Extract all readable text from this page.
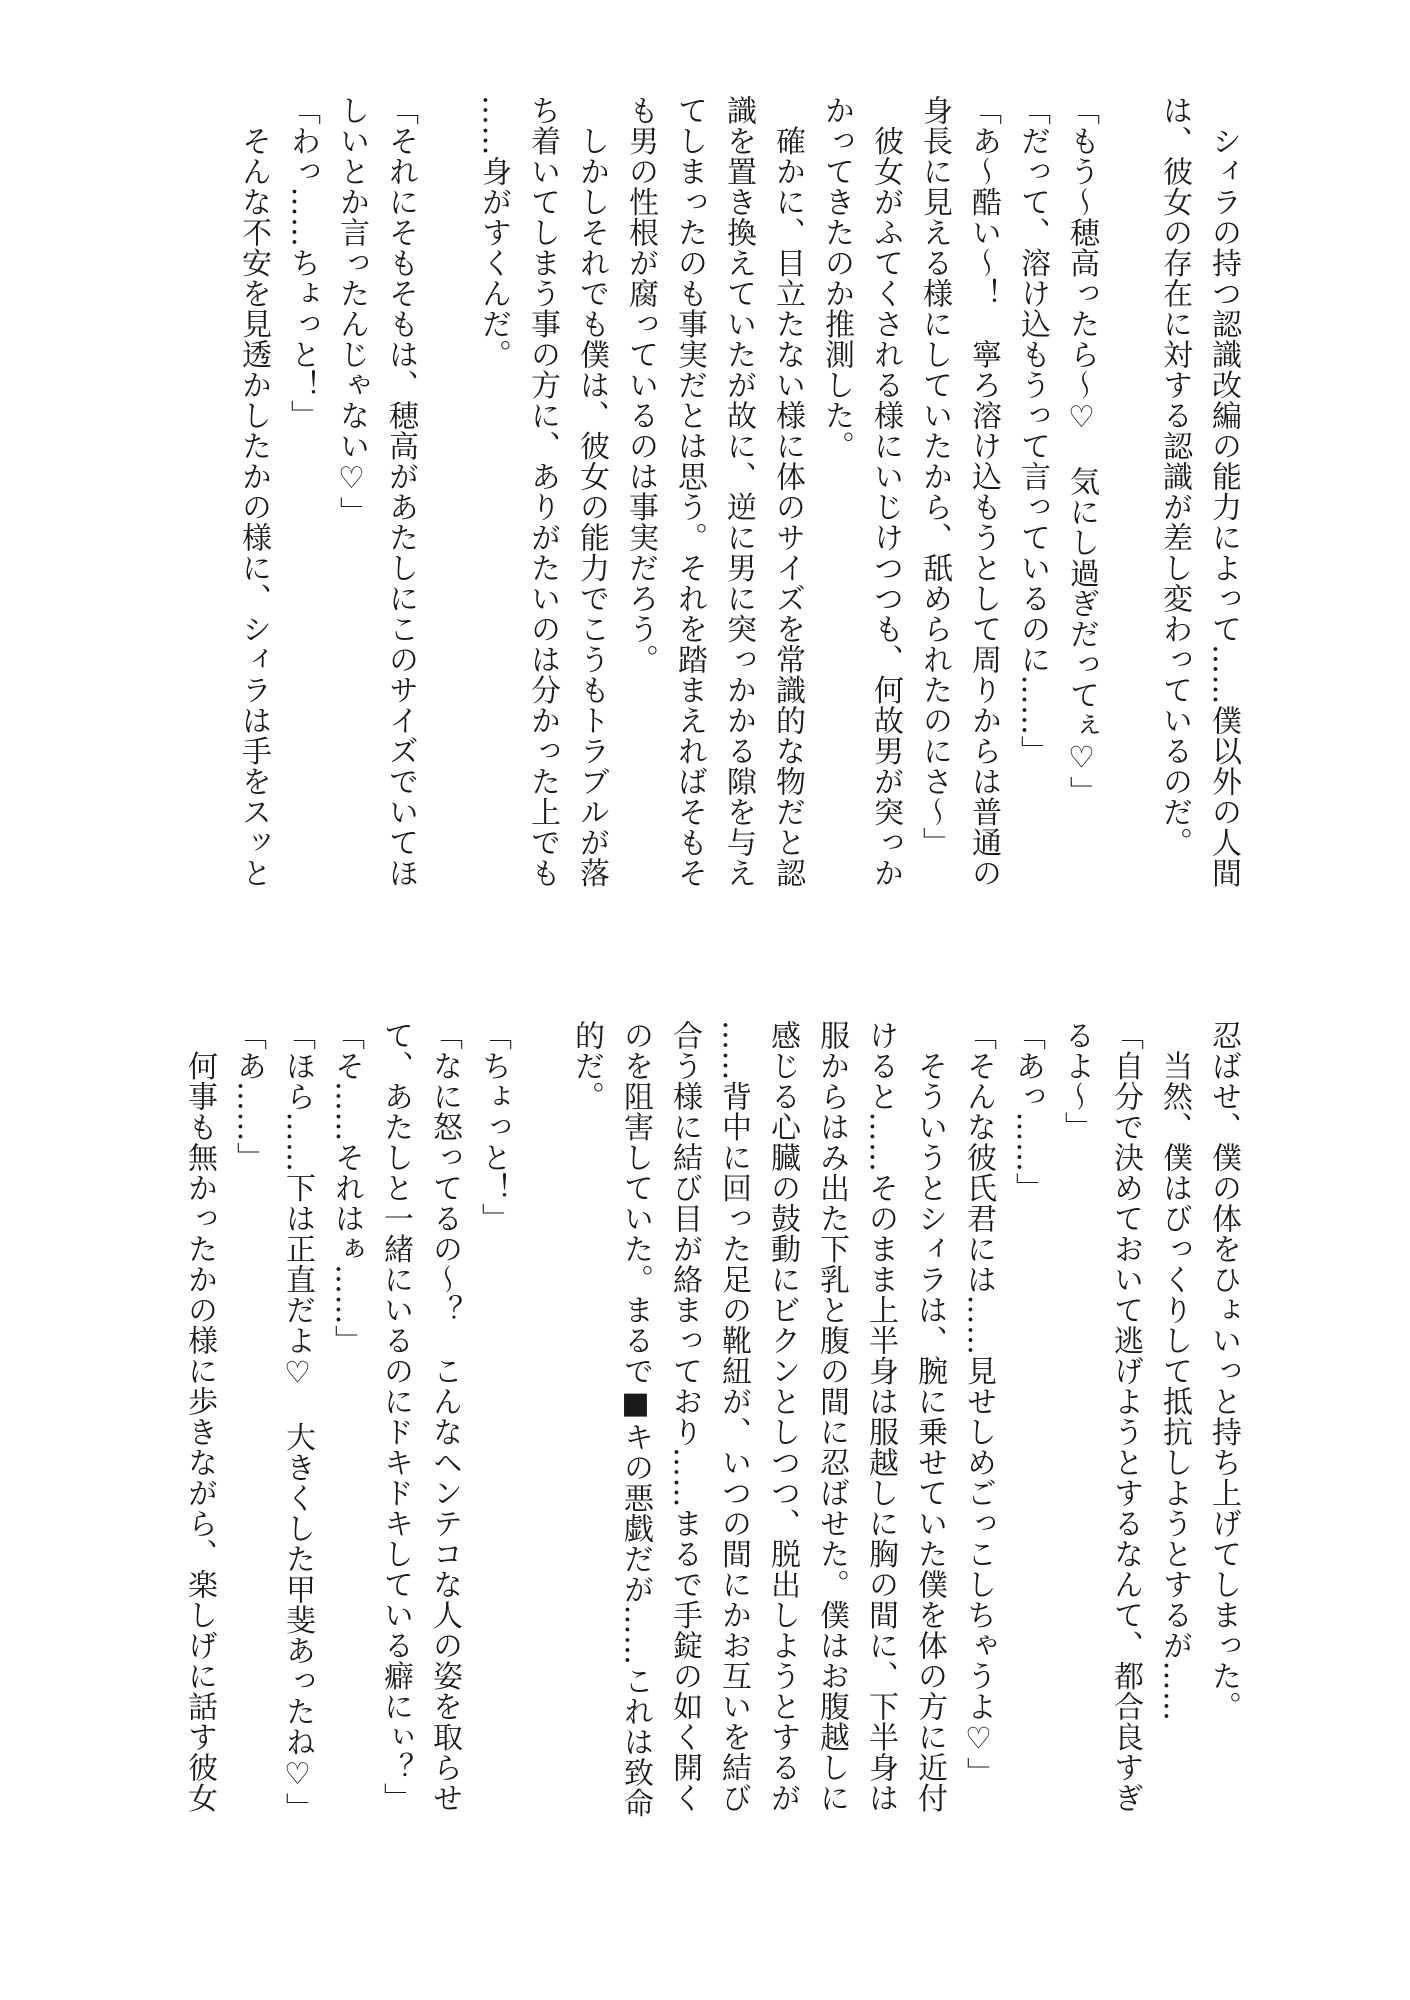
　シィラの持つ認識改編の能力によって……僕以外の人間
は、彼女の存在に対する認識が差し変わっているのだ。
「もう～穂高ったら～♡　気にし過ぎだってぇ♡」
「だって、溶け込もうって言っているのに……」
「あ～酷い～！　寧ろ溶け込もうとして周りからは普通の
身長に見える様にしていたから、舐められたのにさ～」
　彼女がふてくされる様にいじけつつも、何故男が突っか
かってきたのか推測した。
　確かに、目立たない様に体のサイズを常識的な物だと認
識を置き換えていたが故に、逆に男に突っかかる隙を与え
てしまったのも事実だとは思う。それを踏まえればそもそ
も男の性根が腐っているのは事実だろう。
　しかしそれでも僕は、彼女の能力でこうもトラブルが落
ち着いてしまう事の方に、ありがたいのは分かった上でも
……身がすくんだ。
「それにそもそもは、穂高があたしにこのサイズでいてほ
しいとか言ったんじゃない♡」
「わっ……ちょっと！」
　そんな不安を見透かしたかの様に、シィラは手をスッと
忍ばせ、僕の体をひょいっと持ち上げてしまった。
　当然、僕はびっくりして抵抗しようとするが……
「自分で決めておいて逃げようとするなんて、都合良すぎ
るよ～」
「あっ……」
「そんな彼氏君には……見せしめごっこしちゃうよ♡」
　そういうとシィラは、腕に乗せていた僕を体の方に近付
けると……そのまま上半身は服越しに胸の間に、下半身は
服からはみ出た下乳と腹の間に忍ばせた。僕はお腹越しに
感じる心臓の鼓動にビクンとしつつ、脱出しようとするが
……背中に回った足の靴紐が、いつの間にかお互いを結び
合う様に結び目が絡まっており……まるで手錠の如く開く
のを阻害していた。まるで■キの悪戯だが……これは致命
的だ。
「ちょっと！」
「なに怒ってるの～？　こんなヘンテコな人の姿を取らせ
て、あたしと一緒にいるのにドキドキしている癖にぃ？」
「そ……それはぁ……」
「ほら……下は正直だよ♡　大きくした甲斐あったね♡」
「あ……」
　何事も無かったかの様に歩きながら、楽しげに話す彼女
